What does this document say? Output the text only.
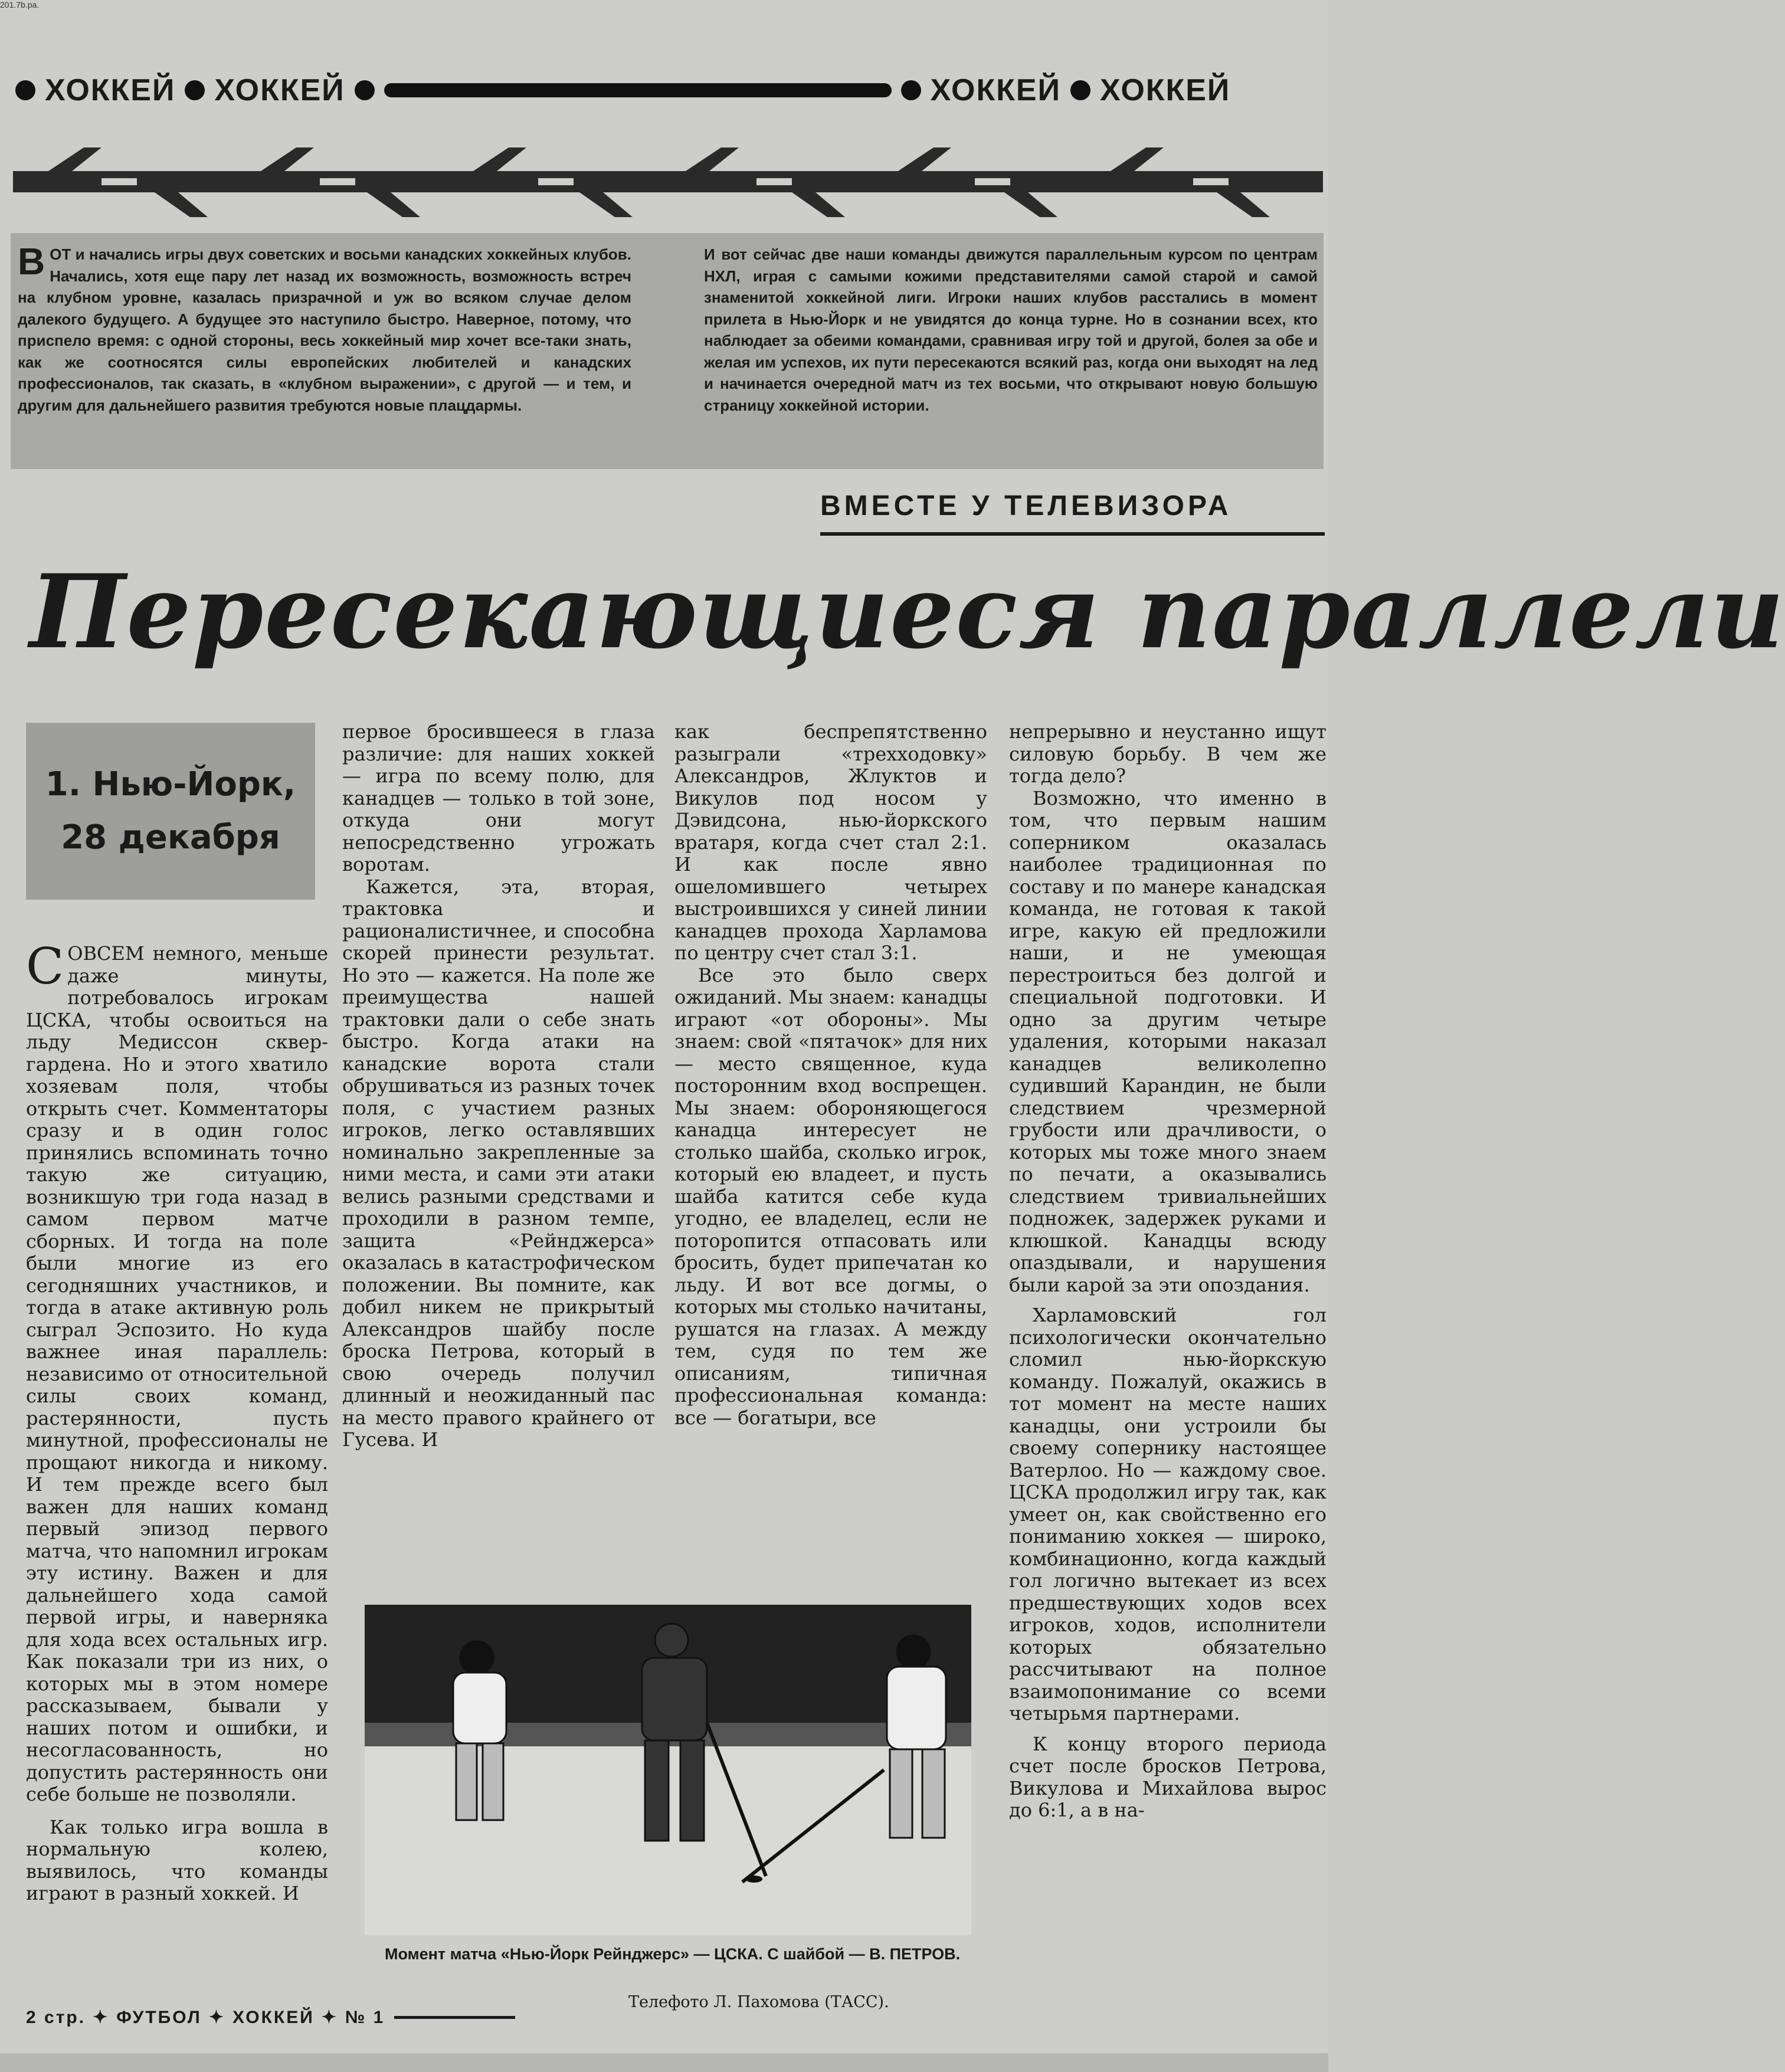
201.7b.pa.
ХОККЕЙ ХОККЕЙ	ХОККЕЙ ХОККЕЙ
ВОТ и начались игры двух советских и восьми канадских хоккейных клубов. Начались, хотя еще пару лет назад их возможность, возможность встреч на клубном уровне, казалась призрачной и уж во всяком случае делом далекого будущего. А будущее это наступило быстро. Наверное, потому, что приспело время: с одной стороны, весь хоккейный мир хочет все-таки знать, как же соотносятся силы европейских любителей и канадских профессионалов, так сказать, в «клубном выражении», с другой — и тем, и другим для дальнейшего развития требуются новые плацдармы.
И вот сейчас две наши команды движутся параллельным курсом по центрам НХЛ, играя с самыми кожими представителями самой старой и самой знаменитой хоккейной лиги. Игроки наших клубов расстались в момент прилета в Нью-Йорк и не увидятся до конца турне. Но в сознании всех, кто наблюдает за обеими командами, сравнивая игру той и другой, болея за обе и желая им успехов, их пути пересекаются всякий раз, когда они выходят на лед и начинается очередной матч из тех восьми, что открывают новую большую страницу хоккейной истории.
ВМЕСТЕ У ТЕЛЕВИЗОРА
Пересекающиеся параллели
1. Нью-Йорк,
28 декабря

СОВСЕМ немного, меньше даже минуты, потребовалось игрокам ЦСКА, чтобы освоиться на льду Медиссон сквер-гардена. Но и этого хватило хозяевам поля, чтобы открыть счет. Комментаторы сразу и в один голос принялись вспоминать точно такую же ситуацию, возникшую три года назад в самом первом матче сборных. И тогда на поле были многие из его сегодняшних участников, и тогда в атаке активную роль сыграл Эспозито. Но куда важнее иная параллель: независимо от относительной силы своих команд, растерянности, пусть минутной, профессионалы не прощают никогда и никому. И тем прежде всего был важен для наших команд первый эпизод первого матча, что напомнил игрокам эту истину. Важен и для дальнейшего хода самой первой игры, и наверняка для хода всех остальных игр. Как показали три из них, о которых мы в этом номере рассказываем, бывали у наших потом и ошибки, и несогласованность, но допустить растерянность они себе больше не позволяли.

Как только игра вошла в нормальную колею, выявилось, что команды играют в разный хоккей. И

первое бросившееся в глаза различие: для наших хоккей — игра по всему полю, для канадцев — только в той зоне, откуда они могут непосредственно угрожать воротам.

Кажется, эта, вторая, трактовка и рационалистичнее, и способна скорей принести результат. Но это — кажется. На поле же преимущества нашей трактовки дали о себе знать быстро. Когда атаки на канадские ворота стали обрушиваться из разных точек поля, с участием разных игроков, легко оставлявших номинально закрепленные за ними места, и сами эти атаки велись разными средствами и проходили в разном темпе, защита «Рейнджерса» оказалась в катастрофическом положении. Вы помните, как добил никем не прикрытый Александров шайбу после броска Петрова, который в свою очередь получил длинный и неожиданный пас на место правого крайнего от Гусева. И

как беспрепятственно разыграли «трехходовку» Александров, Жлуктов и Викулов под носом у Дэвидсона, нью-йоркского вратаря, когда счет стал 2:1. И как после явно ошеломившего четырех выстроившихся у синей линии канадцев прохода Харламова по центру счет стал 3:1.

Все это было сверх ожиданий. Мы знаем: канадцы играют «от обороны». Мы знаем: свой «пятачок» для них — место священное, куда посторонним вход воспрещен. Мы знаем: обороняющегося канадца интересует не столько шайба, сколько игрок, который ею владеет, и пусть шайба катится себе куда угодно, ее владелец, если не поторопится отпасовать или бросить, будет припечатан ко льду. И вот все догмы, о которых мы столько начитаны, рушатся на глазах. А между тем, судя по тем же описаниям, типичная профессиональная команда: все — богатыри, все

непрерывно и неустанно ищут силовую борьбу. В чем же тогда дело?

Возможно, что именно в том, что первым нашим соперником оказалась наиболее традиционная по составу и по манере канадская команда, не готовая к такой игре, какую ей предложили наши, и не умеющая перестроиться без долгой и специальной подготовки. И одно за другим четыре удаления, которыми наказал канадцев великолепно судивший Карандин, не были следствием чрезмерной грубости или драчливости, о которых мы тоже много знаем по печати, а оказывались следствием тривиальнейших подножек, задержек руками и клюшкой. Канадцы всюду опаздывали, и нарушения были карой за эти опоздания.

Харламовский гол психологически окончательно сломил нью-йоркскую команду. Пожалуй, окажись в тот момент на месте наших канадцы, они устроили бы своему сопернику настоящее Ватерлоо. Но — каждому свое. ЦСКА продолжил игру так, как умеет он, как свойственно его пониманию хоккея — широко, комбинационно, когда каждый гол логично вытекает из всех предшествующих ходов всех игроков, ходов, исполнители которых обязательно рассчитывают на полное взаимопонимание со всеми четырьмя партнерами.

К концу второго периода счет после бросков Петрова, Викулова и Михайлова вырос до 6:1, а в на-

Момент матча «Нью-Йорк Рейнджерс» — ЦСКА. С шайбой — В. ПЕТРОВ.
Телефото Л. Пахомова (ТАСС).
2 стр. ✦ ФУТБОЛ ✦ ХОККЕЙ ✦ № 1
